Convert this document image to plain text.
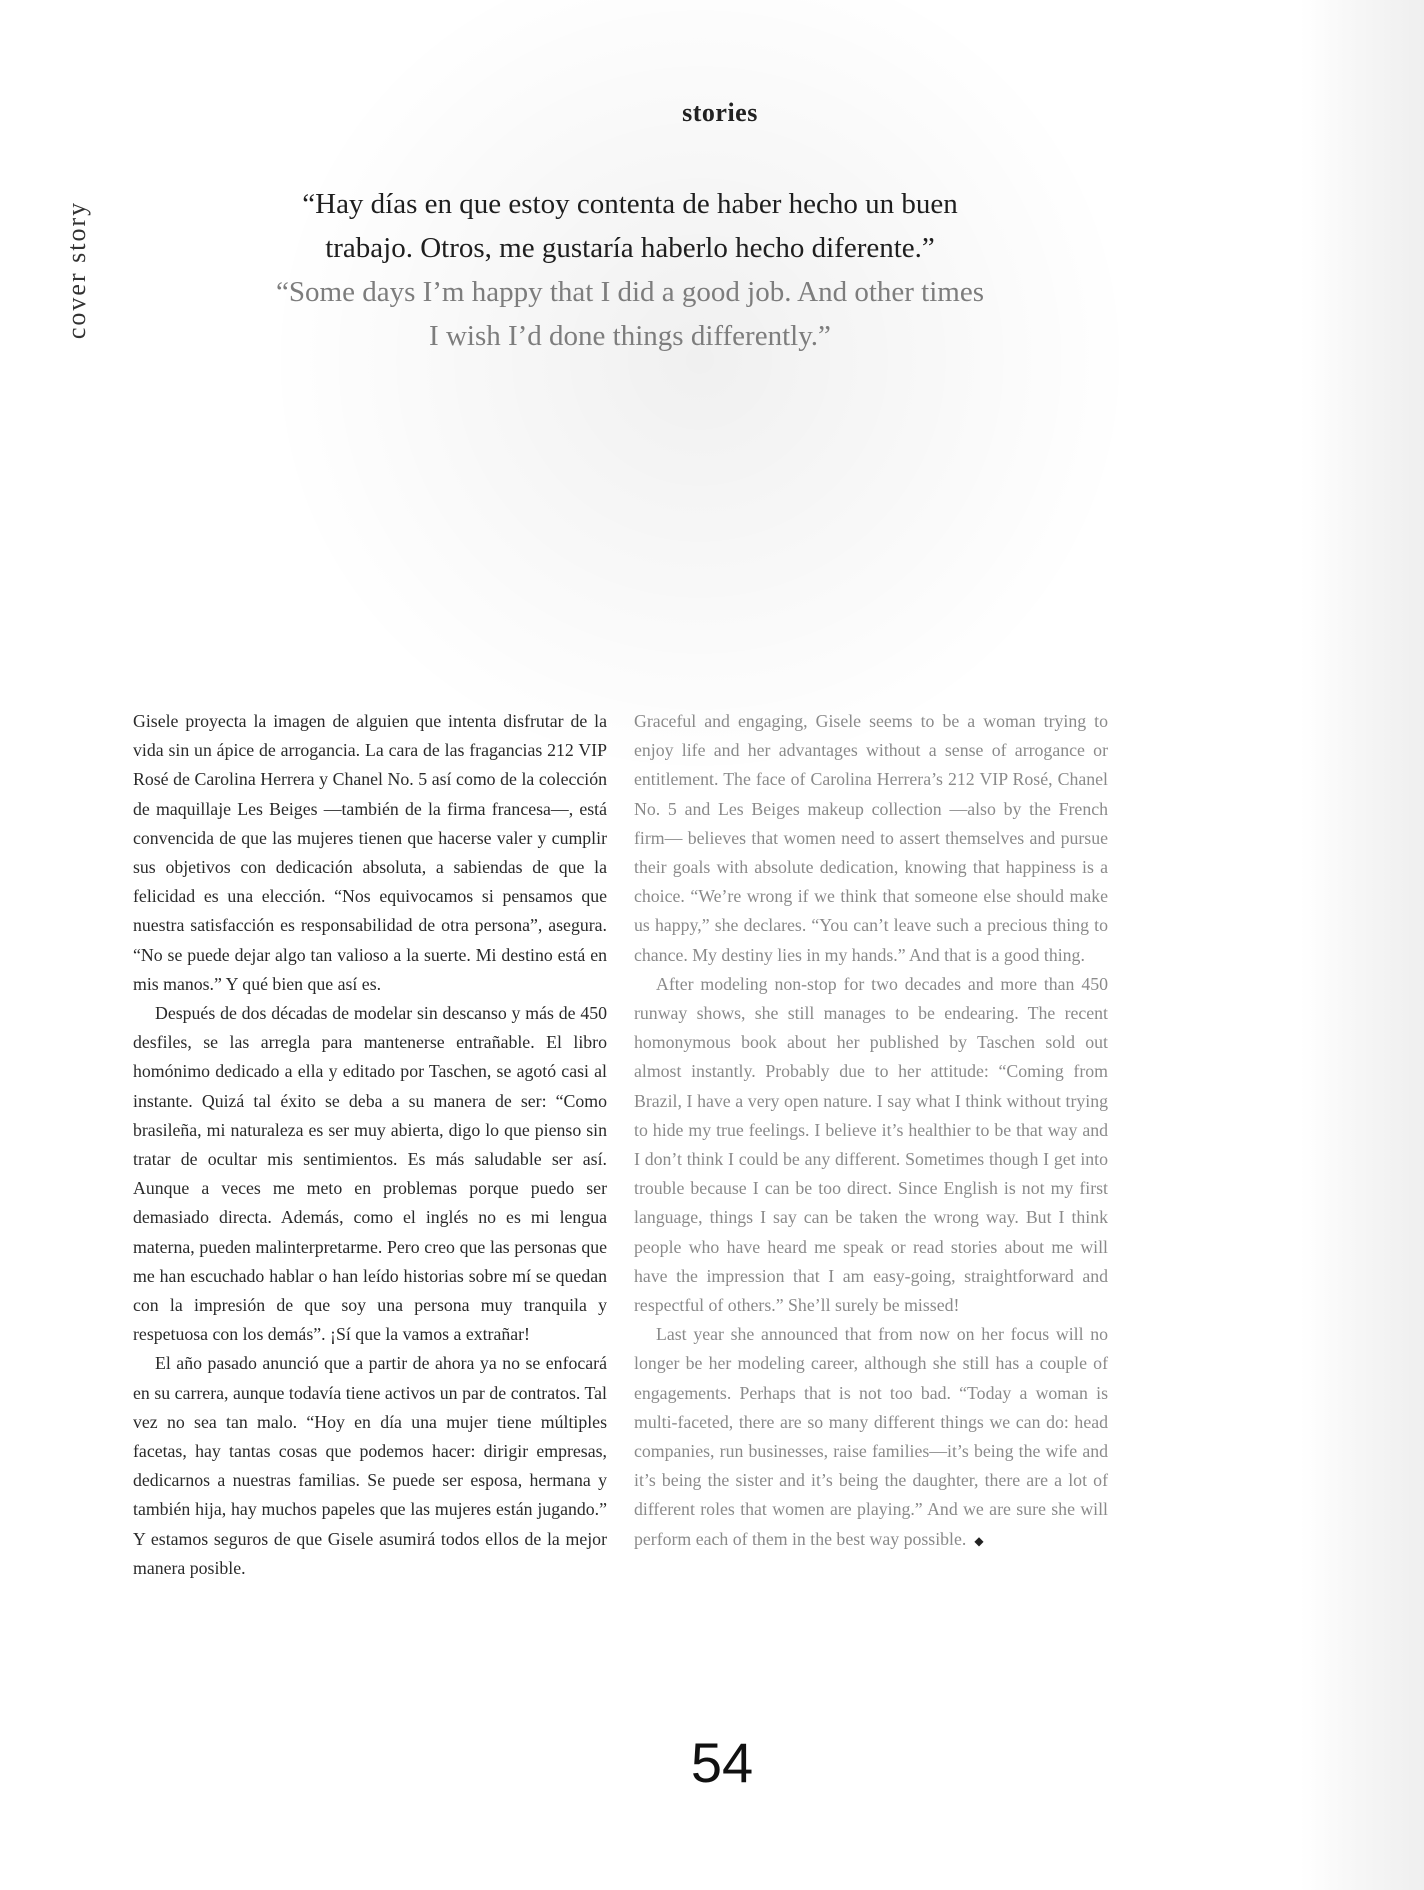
stories
cover story	“Hay días en que estoy contenta de haber hecho un buen
trabajo. Otros, me gustaría haberlo hecho diferente.”
“Some days I’m happy that I did a good job. And other times
I wish I’d done things differently.”

Gisele proyecta la imagen de alguien que intenta disfrutar de la vida sin un ápice de arrogancia. La cara de las fragancias 212 VIP Rosé de Carolina Herrera y Chanel No. 5 así como de la colección de maquillaje Les Beiges —también de la firma francesa—, está convencida de que las mujeres tienen que hacerse valer y cumplir sus objetivos con dedicación absoluta, a sabiendas de que la felicidad es una elección. “Nos equivocamos si pensamos que nuestra satisfacción es responsabilidad de otra persona”, asegura. “No se puede dejar algo tan valioso a la suerte. Mi destino está en mis manos.” Y qué bien que así es.

Después de dos décadas de modelar sin descanso y más de 450 desfiles, se las arregla para mantenerse entrañable. El libro homónimo dedicado a ella y editado por Taschen, se agotó casi al instante. Quizá tal éxito se deba a su manera de ser: “Como brasileña, mi naturaleza es ser muy abierta, digo lo que pienso sin tratar de ocultar mis sentimientos. Es más saludable ser así. Aunque a veces me meto en problemas porque puedo ser demasiado directa. Además, como el inglés no es mi lengua materna, pueden malinterpretarme. Pero creo que las personas que me han escuchado hablar o han leído historias sobre mí se quedan con la impresión de que soy una persona muy tranquila y respetuosa con los demás”. ¡Sí que la vamos a extrañar!

El año pasado anunció que a partir de ahora ya no se enfocará en su carrera, aunque todavía tiene activos un par de contratos. Tal vez no sea tan malo. “Hoy en día una mujer tiene múltiples facetas, hay tantas cosas que podemos hacer: dirigir empresas, dedicarnos a nuestras familias. Se puede ser esposa, hermana y también hija, hay muchos papeles que las mujeres están jugando.” Y estamos seguros de que Gisele asumirá todos ellos de la mejor manera posible.

Graceful and engaging, Gisele seems to be a woman trying to enjoy life and her advantages without a sense of arrogance or entitlement. The face of Carolina Herrera’s 212 VIP Rosé, Chanel No. 5 and Les Beiges makeup collection —also by the French firm— believes that women need to assert themselves and pursue their goals with absolute dedication, knowing that happiness is a choice. “We’re wrong if we think that someone else should make us happy,” she declares. “You can’t leave such a precious thing to chance. My destiny lies in my hands.” And that is a good thing.

After modeling non-stop for two decades and more than 450 runway shows, she still manages to be endearing. The recent homonymous book about her published by Taschen sold out almost instantly. Probably due to her attitude: “Coming from Brazil, I have a very open nature. I say what I think without trying to hide my true feelings. I believe it’s healthier to be that way and I don’t think I could be any different. Sometimes though I get into trouble because I can be too direct. Since English is not my first language, things I say can be taken the wrong way. But I think people who have heard me speak or read stories about me will have the impression that I am easy-going, straightforward and respectful of others.” She’ll surely be missed!

Last year she announced that from now on her focus will no longer be her modeling career, although she still has a couple of engagements. Perhaps that is not too bad. “Today a woman is multi-faceted, there are so many different things we can do: head companies, run businesses, raise families—it’s being the wife and it’s being the sister and it’s being the daughter, there are a lot of different roles that women are playing.” And we are sure she will perform each of them in the best way possible. ◆

54
